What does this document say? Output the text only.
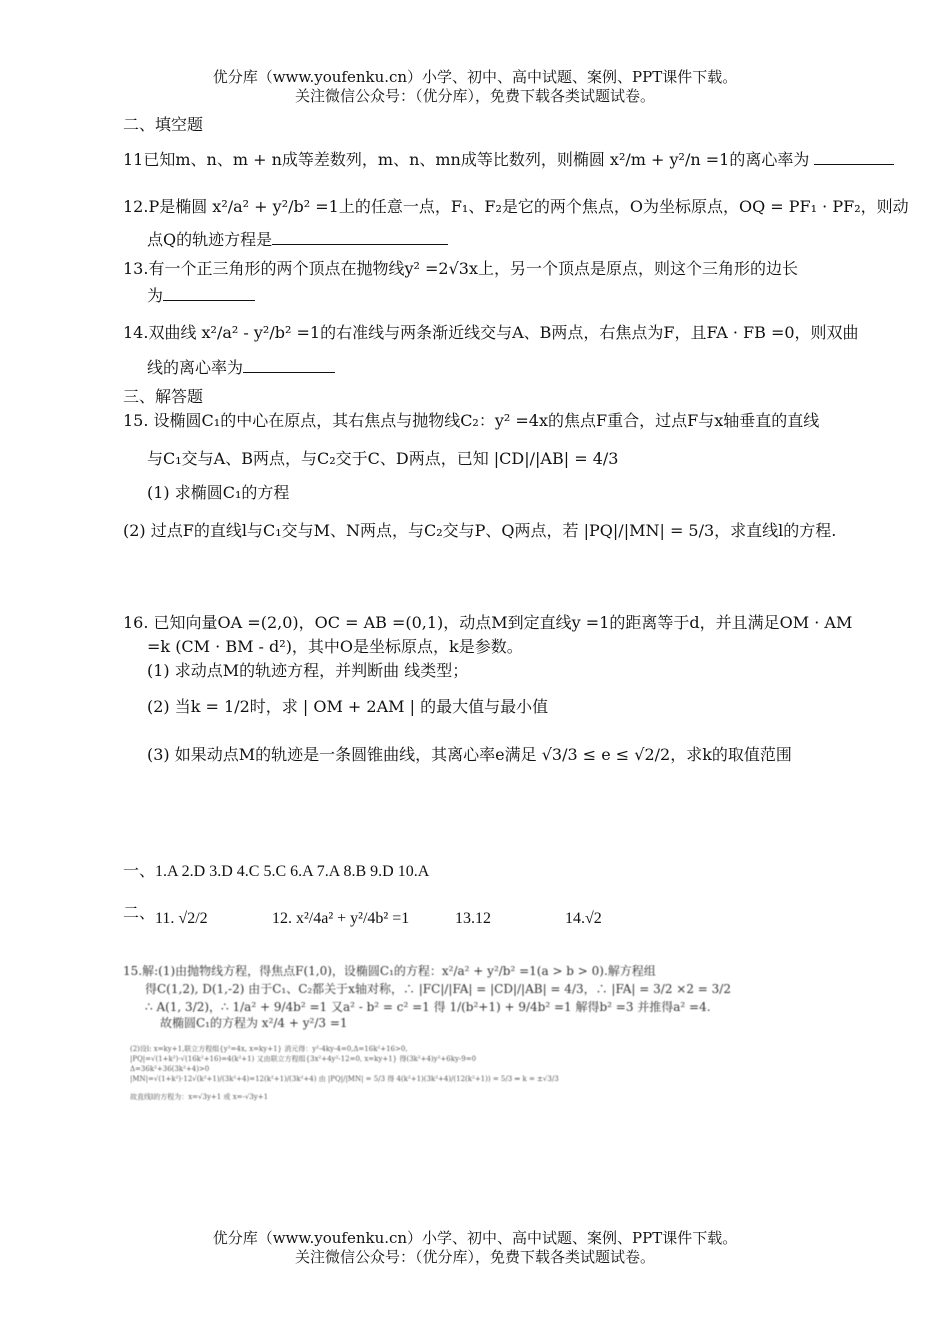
优分库（www.youfenku.cn）小学、初中、高中试题、案例、PPT课件下载。
关注微信公众号：（优分库），免费下载各类试题试卷。
二、填空题
11已知m、n、m + n成等差数列，m、n、mn成等比数列，则椭圆 x²/m + y²/n =1的离心率为
12.P是椭圆 x²/a² + y²/b² =1上的任意一点，F₁、F₂是它的两个焦点，O为坐标原点，OQ = PF₁ · PF₂，则动
点Q的轨迹方程是
13.有一个正三角形的两个顶点在抛物线y² =2√3x上，另一个顶点是原点，则这个三角形的边长
为
14.双曲线 x²/a² - y²/b² =1的右准线与两条渐近线交与A、B两点，右焦点为F，且FA · FB =0，则双曲
线的离心率为
三、解答题
15. 设椭圆C₁的中心在原点，其右焦点与抛物线C₂：y² =4x的焦点F重合，过点F与x轴垂直的直线
与C₁交与A、B两点，与C₂交于C、D两点，已知 |CD|/|AB| = 4/3
(1) 求椭圆C₁的方程
(2) 过点F的直线l与C₁交与M、N两点，与C₂交与P、Q两点，若 |PQ|/|MN| = 5/3，求直线l的方程.
16. 已知向量OA =(2,0)，OC = AB =(0,1)，动点M到定直线y =1的距离等于d，并且满足OM · AM
=k (CM · BM - d²)，其中O是坐标原点，k是参数。
(1) 求动点M的轨迹方程，并判断曲 线类型；
(2) 当k = 1/2时，求 | OM + 2AM | 的最大值与最小值
(3) 如果动点M的轨迹是一条圆锥曲线，其离心率e满足 √3/3 ≤ e ≤ √2/2，求k的取值范围
一、1.A 2.D 3.D 4.C 5.C 6.A 7.A 8.B 9.D 10.A
二、 11. √2/2	12. x²/4a² + y²/4b² =1	13.12	14.√2
15.解:(1)由抛物线方程，得焦点F(1,0)，设椭圆C₁的方程：x²/a² + y²/b² =1(a > b > 0).解方程组
得C(1,2), D(1,-2) 由于C₁、C₂都关于x轴对称，∴ |FC|/|FA| = |CD|/|AB| = 4/3，∴ |FA| = 3/2 ×2 = 3/2
∴ A(1, 3/2)，∴ 1/a² + 9/4b² =1 又a² - b² = c² =1 得 1/(b²+1) + 9/4b² =1 解得b² =3 并推得a² =4.
故椭圆C₁的方程为 x²/4 + y²/3 =1
(2)设l: x=ky+1,联立方程组{y²=4x, x=ky+1} 消元得：y²-4ky-4=0,Δ=16k²+16>0,
|PQ|=√(1+k²)·√(16k²+16)=4(k²+1) 又由联立方程组{3x²+4y²-12=0, x=ky+1} 得(3k²+4)y²+6ky-9=0
Δ=36k²+36(3k²+4)>0
|MN|=√(1+k²)·12√(k²+1)/(3k²+4)=12(k²+1)/(3k²+4) 由 |PQ|/|MN| = 5/3 得 4(k²+1)(3k²+4)/(12(k²+1)) = 5/3 ⇒ k = ±√3/3
故直线l的方程为：x=√3y+1 或 x=-√3y+1
优分库（www.youfenku.cn）小学、初中、高中试题、案例、PPT课件下载。
关注微信公众号：（优分库），免费下载各类试题试卷。
